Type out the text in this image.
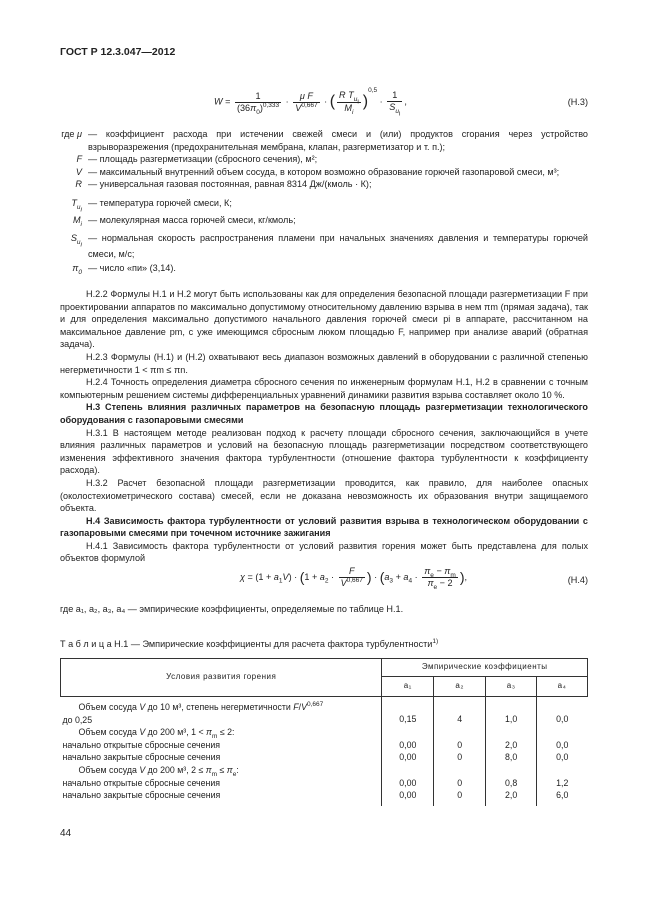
ГОСТ Р 12.3.047—2012
$W = \frac{1}{(36\pi_0)^{0,333}} \cdot \frac{\text{μ F}}{V^{0,667}}$ · ( $\frac{R T_{u_i}}{M_i} )^{0,5} \cdot \frac{1}{S_{u_i}}$ ,	(Н.3)
где μ — коэффициент расхода при истечении свежей смеси и (или) продуктов сгорания через устройство взрыворазрежения (предохранительная мембрана, клапан, разгерметизатор и т. п.);
F — площадь разгерметизации (сбросного сечения), м²;
V — максимальный внутренний объем сосуда, в котором возможно образование горючей газопаровой смеси, м³;
R — универсальная газовая постоянная, равная 8314 Дж/(кмоль · К);
$T_{u_i}$
— температура горючей смеси, К;
$M_i$ — молекулярная масса горючей смеси, кг/кмоль;
$S_{u_i}$
— нормальная скорость распространения пламени при начальных значениях давления и температуры горючей смеси, м/с;
$\pi_0$ — число «пи» (3,14).
Н.2.2 Формулы Н.1 и Н.2 могут быть использованы как для определения безопасной площади разгерметизации F при проектировании аппаратов по максимально допустимому относительному давлению взрыва в нем πm (прямая задача), так и для определения максимально допустимого начального давления горючей смеси pi в аппарате, рассчитанном на максимальное давление pm, с уже имеющимся сбросным люком площадью F, например при анализе аварий (обратная задача).
Н.2.3 Формулы (Н.1) и (Н.2) охватывают весь диапазон возможных давлений в оборудовании с различной степенью негерметичности 1 < πm ≤ πn.
Н.2.4 Точность определения диаметра сбросного сечения по инженерным формулам Н.1, Н.2 в сравнении с точным компьютерным решением системы дифференциальных уравнений динамики развития взрыва составляет около 10 %.
Н.3 Степень влияния различных параметров на безопасную площадь разгерметизации технологического оборудования с газопаровыми смесями
Н.3.1 В настоящем методе реализован подход к расчету площади сбросного сечения, заключающийся в учете влияния различных параметров и условий на безопасную площадь разгерметизации посредством соответствующего изменения эффективного значения фактора турбулентности (отношение фактора турбулентности к коэффициенту расхода).
Н.3.2 Расчет безопасной площади разгерметизации проводится, как правило, для наиболее опасных (околостехиометрического состава) смесей, если не доказана невозможность их образования внутри защищаемого объекта.
Н.4 Зависимость фактора турбулентности от условий развития взрыва в технологическом оборудовании с газопаровыми смесями при точечном источнике зажигания
Н.4.1 Зависимость фактора турбулентности от условий развития горения может быть представлена для полых объектов формулой
$\chi = (1 + a_1V) \cdot (1 + a_2 \cdot \frac{F}{V^{0,667}}$ ) · ($a_3 + a_4 \cdot \frac{\pi_e - \pi_m}{\pi_e - 2}$ ),	(Н.4)
где a₁, a₂, a₃, a₄ — эмпирические коэффициенты, определяемые по таблице Н.1.
Т а б л и ц а Н.1 — Эмпирические коэффициенты для расчета фактора турбулентности$^{1)}$
Условия развития горения	Эмпирические коэффициенты			
	a₁	a₂	a₃	a₄
Объем сосуда V до 10 м³, степень негерметичности $F/V^{0,667}$
до 0,25	0,15	4	1,0	0,0
Объем сосуда V до 200 м³, $1 < \pi_m \le 2$:				
начально открытые сбросные сечения	0,00	0	2,0	0,0
начально закрытые сбросные сечения	0,00	0	8,0	0,0
Объем сосуда V до 200 м³, $2 \le \pi_m \le \pi_e$:				
начально открытые сбросные сечения	0,00	0	0,8	1,2
начально закрытые сбросные сечения	0,00	0	2,0	6,0
44
